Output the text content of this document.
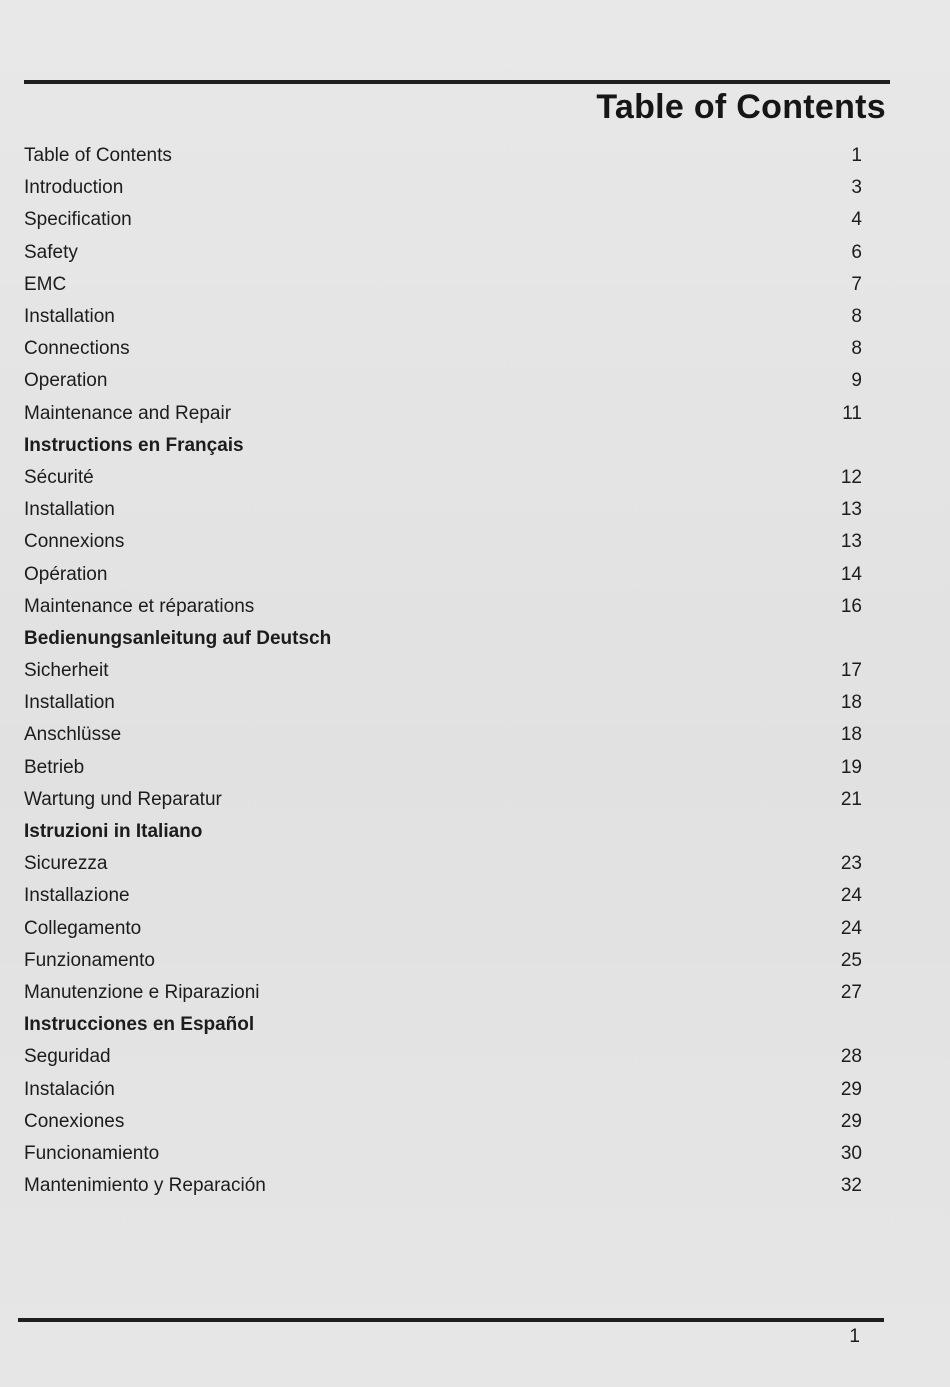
Table of Contents
Table of Contents	1
Introduction	3
Specification	4
Safety	6
EMC	7
Installation	8
Connections	8
Operation	9
Maintenance and Repair	11
Instructions en Français
Sécurité	12
Installation	13
Connexions	13
Opération	14
Maintenance et réparations	16
Bedienungsanleitung auf Deutsch
Sicherheit	17
Installation	18
Anschlüsse	18
Betrieb	19
Wartung und Reparatur	21
Istruzioni in Italiano
Sicurezza	23
Installazione	24
Collegamento	24
Funzionamento	25
Manutenzione e Riparazioni	27
Instrucciones en Español
Seguridad	28
Instalación	29
Conexiones	29
Funcionamiento	30
Mantenimiento y Reparación	32
1
